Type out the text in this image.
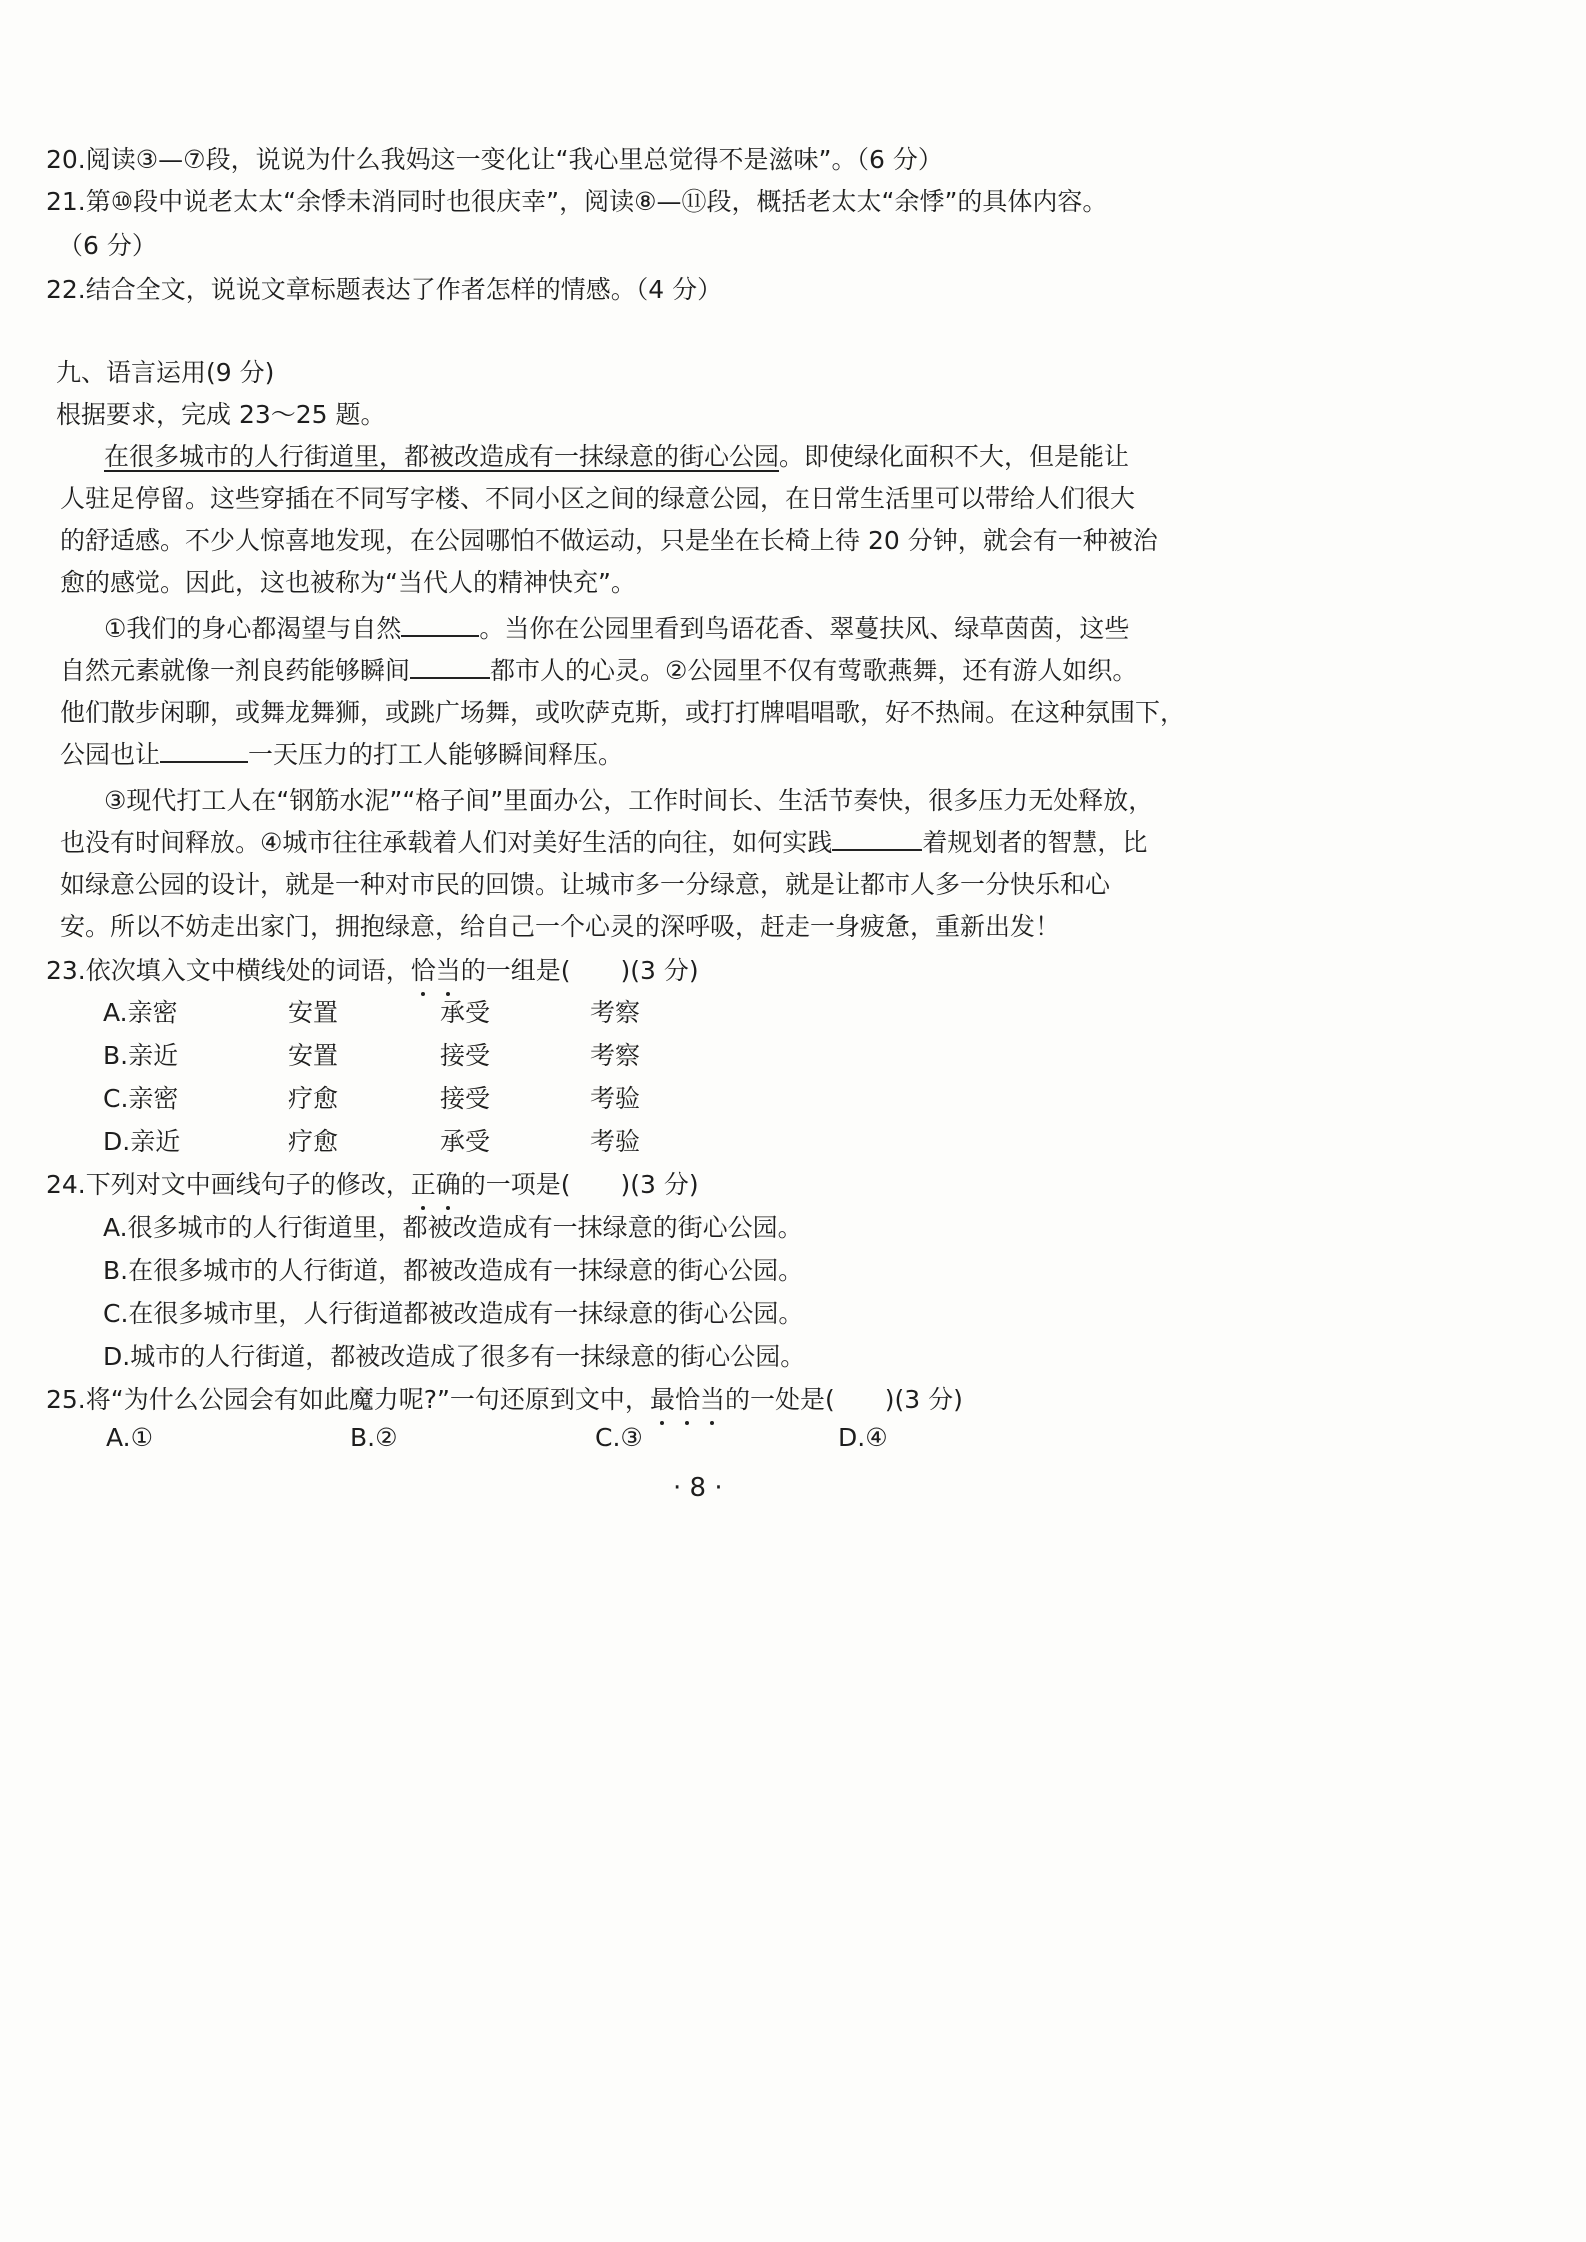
20.阅读③—⑦段，说说为什么我妈这一变化让“我心里总觉得不是滋味”。（6 分）
21.第⑩段中说老太太“余悸未消同时也很庆幸”，阅读⑧—⑪段，概括老太太“余悸”的具体内容。
（6 分）
22.结合全文，说说文章标题表达了作者怎样的情感。（4 分）
九、语言运用(9 分)
根据要求，完成 23～25 题。
在很多城市的人行街道里，都被改造成有一抹绿意的街心公园。即使绿化面积不大，但是能让
人驻足停留。这些穿插在不同写字楼、不同小区之间的绿意公园，在日常生活里可以带给人们很大
的舒适感。不少人惊喜地发现，在公园哪怕不做运动，只是坐在长椅上待 20 分钟，就会有一种被治
愈的感觉。因此，这也被称为“当代人的精神快充”。
①我们的身心都渴望与自然	。当你在公园里看到鸟语花香、翠蔓扶风、绿草茵茵，这些
自然元素就像一剂良药能够瞬间	都市人的心灵。②公园里不仅有莺歌燕舞，还有游人如织。
他们散步闲聊，或舞龙舞狮，或跳广场舞，或吹萨克斯，或打打牌唱唱歌，好不热闹。在这种氛围下，
公园也让	一天压力的打工人能够瞬间释压。
③现代打工人在“钢筋水泥”“格子间”里面办公，工作时间长、生活节奏快，很多压力无处释放，
也没有时间释放。④城市往往承载着人们对美好生活的向往，如何实践	着规划者的智慧，比
如绿意公园的设计，就是一种对市民的回馈。让城市多一分绿意，就是让都市人多一分快乐和心
安。所以不妨走出家门，拥抱绿意，给自己一个心灵的深呼吸，赶走一身疲惫，重新出发！
23.依次填入文中横线处的词语，恰当的一组是(　　)(3 分)
A.亲密	安置	承受	考察
B.亲近	安置	接受	考察
C.亲密	疗愈	接受	考验
D.亲近	疗愈	承受	考验
24.下列对文中画线句子的修改，正确的一项是(　　)(3 分)
A.很多城市的人行街道里，都被改造成有一抹绿意的街心公园。
B.在很多城市的人行街道，都被改造成有一抹绿意的街心公园。
C.在很多城市里，人行街道都被改造成有一抹绿意的街心公园。
D.城市的人行街道，都被改造成了很多有一抹绿意的街心公园。
25.将“为什么公园会有如此魔力呢?”一句还原到文中，最恰当的一处是(　　)(3 分)
A.①	B.②	C.③	D.④
· 8 ·
